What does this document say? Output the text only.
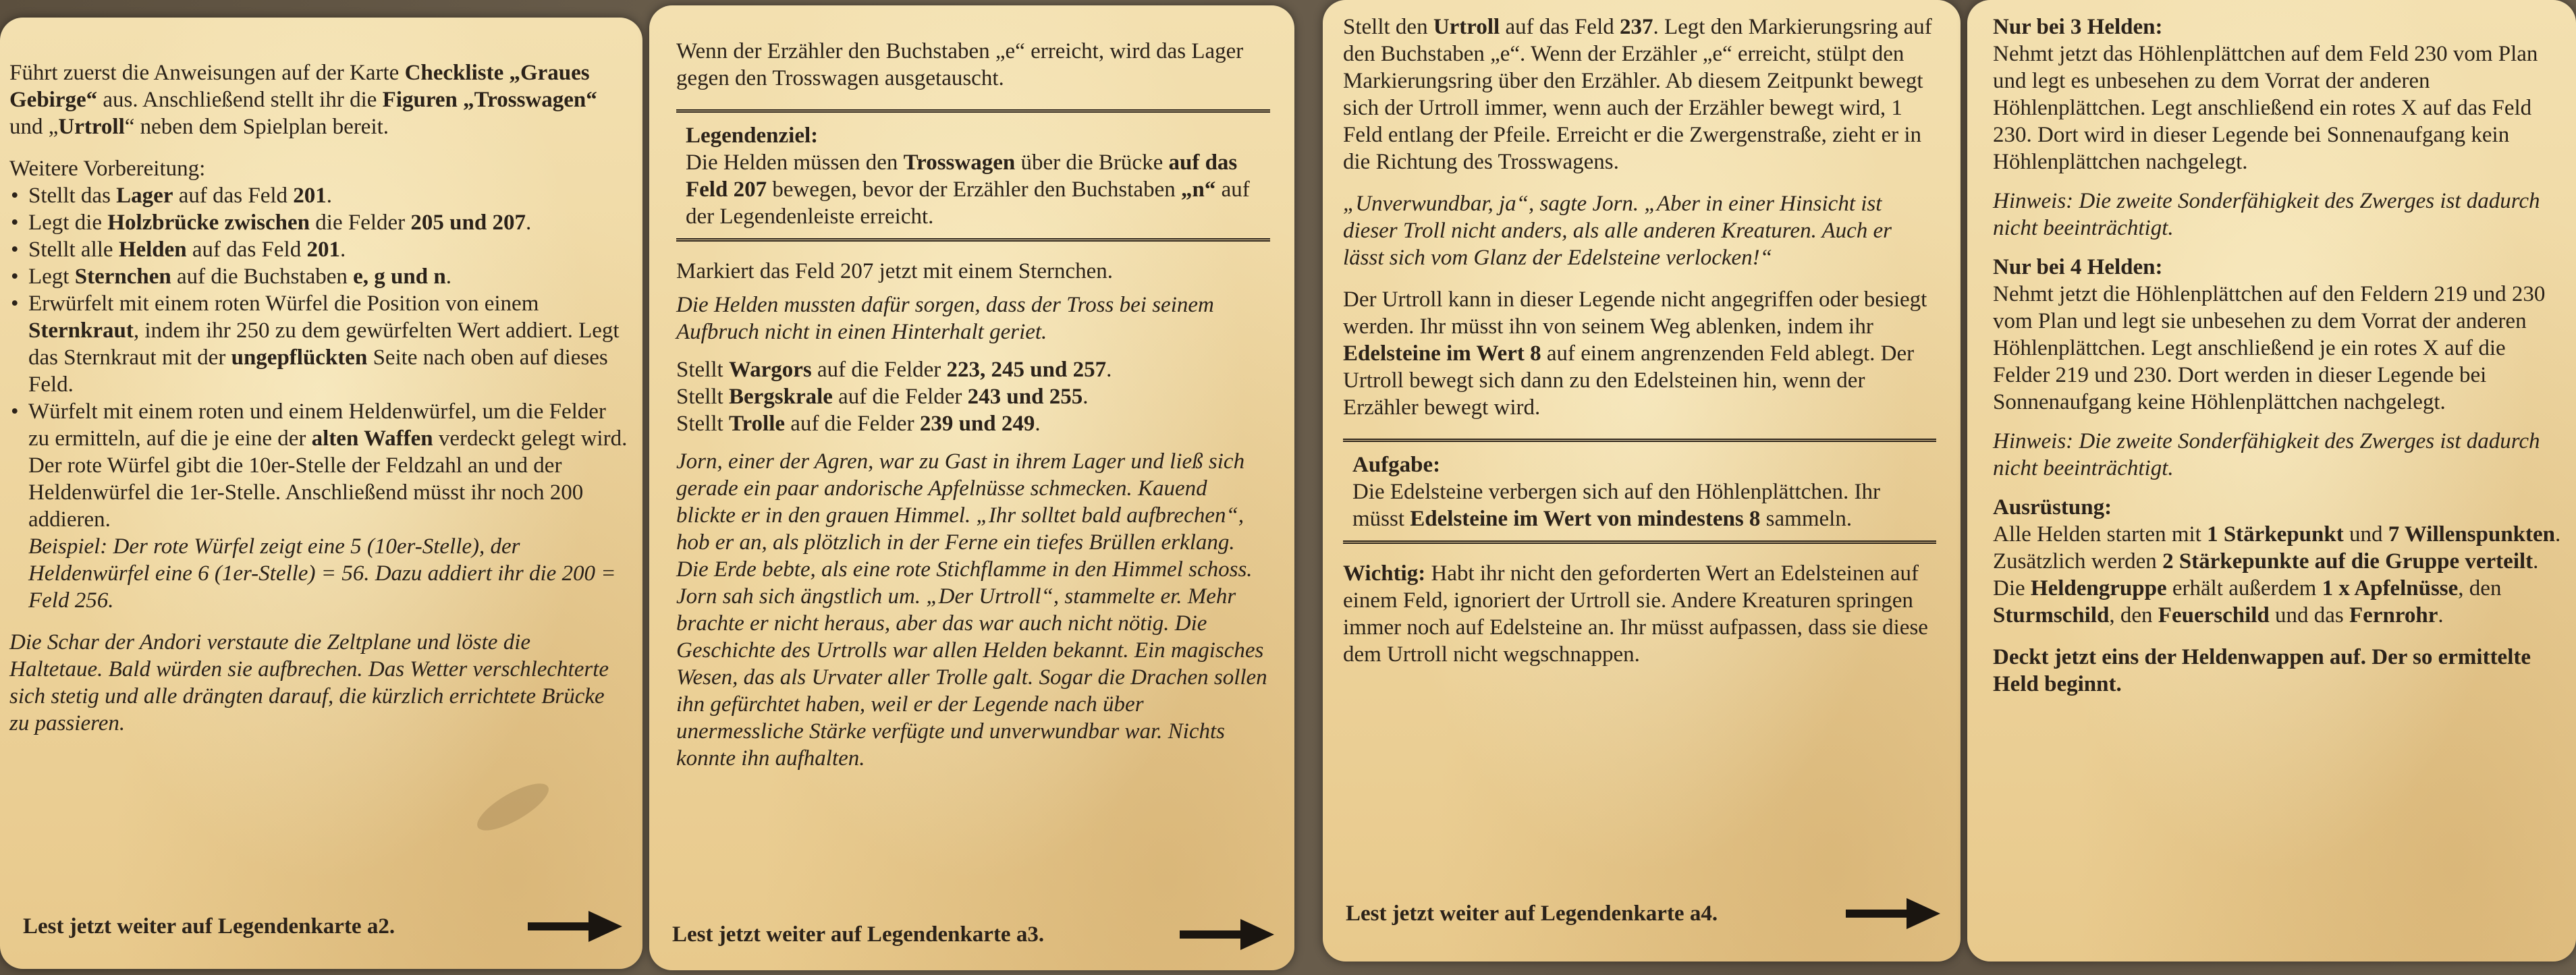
Führt zuerst die Anweisungen auf der Karte Checkliste „Graues Gebirge“ aus. Anschließend stellt ihr die Figuren „Trosswagen“ und „Urtroll“ neben dem Spielplan bereit.

Weitere Vorbereitung:

• Stellt das Lager auf das Feld 201.
• Legt die Holzbrücke zwischen die Felder 205 und 207.
• Stellt alle Helden auf das Feld 201.
• Legt Sternchen auf die Buchstaben e, g und n.
• Erwürfelt mit einem roten Würfel die Position von einem Sternkraut, indem ihr 250 zu dem gewürfelten Wert addiert. Legt das Sternkraut mit der ungepflückten Seite nach oben auf dieses Feld.
• Würfelt mit einem roten und einem Heldenwürfel, um die Felder zu ermitteln, auf die je eine der alten Waffen verdeckt gelegt wird. Der rote Würfel gibt die 10er-Stelle der Feldzahl an und der Heldenwürfel die 1er-Stelle. Anschließend müsst ihr noch 200 addieren.

Beispiel: Der rote Würfel zeigt eine 5 (10er-Stelle), der Heldenwürfel eine 6 (1er-Stelle) = 56. Dazu addiert ihr die 200 = Feld 256.

Die Schar der Andori verstaute die Zeltplane und löste die Haltetaue. Bald würden sie aufbrechen. Das Wetter verschlechterte sich stetig und alle drängten darauf, die kürzlich errichtete Brücke zu passieren.

Lest jetzt weiter auf Legendenkarte a2.

Wenn der Erzähler den Buchstaben „e“ erreicht, wird das Lager gegen den Trosswagen ausgetauscht.

Legendenziel:

Die Helden müssen den Trosswagen über die Brücke auf das Feld 207 bewegen, bevor der Erzähler den Buchstaben „n“ auf der Legendenleiste erreicht.

Markiert das Feld 207 jetzt mit einem Sternchen.

Die Helden mussten dafür sorgen, dass der Tross bei seinem Aufbruch nicht in einen Hinterhalt geriet.

Stellt Wargors auf die Felder 223, 245 und 257.

Stellt Bergskrale auf die Felder 243 und 255.

Stellt Trolle auf die Felder 239 und 249.

Jorn, einer der Agren, war zu Gast in ihrem Lager und ließ sich gerade ein paar andorische Apfelnüsse schmecken. Kauend blickte er in den grauen Himmel. „Ihr solltet bald aufbrechen“, hob er an, als plötzlich in der Ferne ein tiefes Brüllen erklang. Die Erde bebte, als eine rote Stichflamme in den Himmel schoss. Jorn sah sich ängstlich um. „Der Urtroll“, stammelte er. Mehr brachte er nicht heraus, aber das war auch nicht nötig. Die Geschichte des Urtrolls war allen Helden bekannt. Ein magisches Wesen, das als Urvater aller Trolle galt. Sogar die Drachen sollen ihn gefürchtet haben, weil er der Legende nach über unermessliche Stärke verfügte und unverwundbar war. Nichts konnte ihn aufhalten.

Lest jetzt weiter auf Legendenkarte a3.

Stellt den Urtroll auf das Feld 237. Legt den Markierungsring auf den Buchstaben „e“. Wenn der Erzähler „e“ erreicht, stülpt den Markierungsring über den Erzähler. Ab diesem Zeitpunkt bewegt sich der Urtroll immer, wenn auch der Erzähler bewegt wird, 1 Feld entlang der Pfeile. Erreicht er die Zwergenstraße, zieht er in die Richtung des Trosswagens.

„Unverwundbar, ja“, sagte Jorn. „Aber in einer Hinsicht ist dieser Troll nicht anders, als alle anderen Kreaturen. Auch er lässt sich vom Glanz der Edelsteine verlocken!“

Der Urtroll kann in dieser Legende nicht angegriffen oder besiegt werden. Ihr müsst ihn von seinem Weg ablenken, indem ihr Edelsteine im Wert 8 auf einem angrenzenden Feld ablegt. Der Urtroll bewegt sich dann zu den Edelsteinen hin, wenn der Erzähler bewegt wird.

Aufgabe:

Die Edelsteine verbergen sich auf den Höhlenplättchen. Ihr müsst Edelsteine im Wert von mindestens 8 sammeln.

Wichtig: Habt ihr nicht den geforderten Wert an Edelsteinen auf einem Feld, ignoriert der Urtroll sie. Andere Kreaturen springen immer noch auf Edelsteine an. Ihr müsst aufpassen, dass sie diese dem Urtroll nicht wegschnappen.

Lest jetzt weiter auf Legendenkarte a4.

Nur bei 3 Helden:

Nehmt jetzt das Höhlenplättchen auf dem Feld 230 vom Plan und legt es unbesehen zu dem Vorrat der anderen Höhlenplättchen. Legt anschließend ein rotes X auf das Feld 230. Dort wird in dieser Legende bei Sonnenaufgang kein Höhlenplättchen nachgelegt.

Hinweis: Die zweite Sonderfähigkeit des Zwerges ist dadurch nicht beeinträchtigt.

Nur bei 4 Helden:

Nehmt jetzt die Höhlenplättchen auf den Feldern 219 und 230 vom Plan und legt sie unbesehen zu dem Vorrat der anderen Höhlenplättchen. Legt anschließend je ein rotes X auf die Felder 219 und 230. Dort werden in dieser Legende bei Sonnenaufgang keine Höhlenplättchen nachgelegt.

Hinweis: Die zweite Sonderfähigkeit des Zwerges ist dadurch nicht beeinträchtigt.

Ausrüstung:

Alle Helden starten mit 1 Stärkepunkt und 7 Willenspunkten. Zusätzlich werden 2 Stärkepunkte auf die Gruppe verteilt. Die Heldengruppe erhält außerdem 1 x Apfelnüsse, den Sturmschild, den Feuerschild und das Fernrohr.

Deckt jetzt eins der Heldenwappen auf. Der so ermittelte Held beginnt.
